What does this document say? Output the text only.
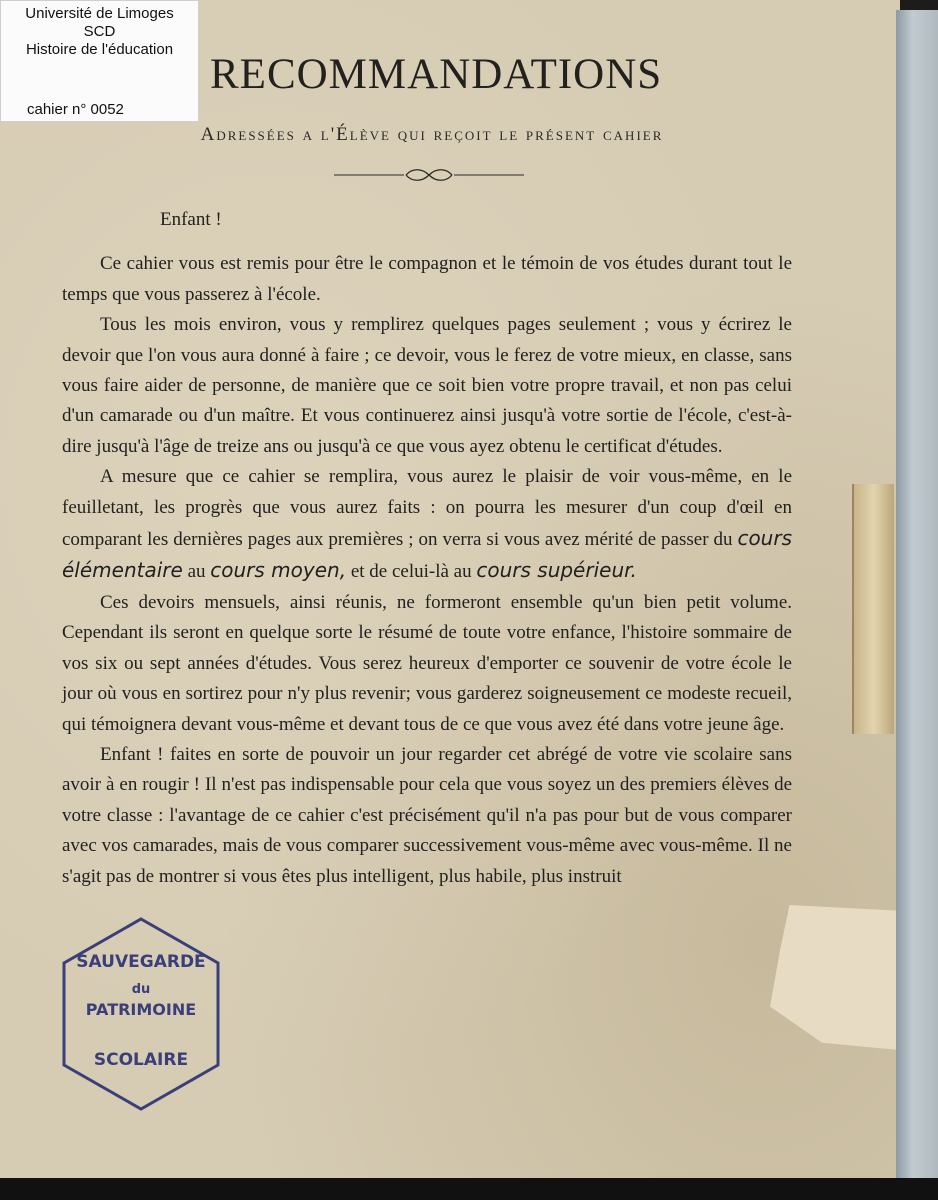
Université de Limoges
SCD
Histoire de l'éducation
cahier n° 0052
RECOMMANDATIONS
Adressées a l'Élève qui reçoit le présent cahier

Enfant !

Ce cahier vous est remis pour être le compagnon et le témoin de vos études durant tout le temps que vous passerez à l'école.

Tous les mois environ, vous y remplirez quelques pages seulement ; vous y écrirez le devoir que l'on vous aura donné à faire ; ce devoir, vous le ferez de votre mieux, en classe, sans vous faire aider de personne, de manière que ce soit bien votre propre travail, et non pas celui d'un camarade ou d'un maître. Et vous continuerez ainsi jusqu'à votre sortie de l'école, c'est-à-dire jusqu'à l'âge de treize ans ou jusqu'à ce que vous ayez obtenu le certificat d'études.

A mesure que ce cahier se remplira, vous aurez le plaisir de voir vous-même, en le feuilletant, les progrès que vous aurez faits : on pourra les mesurer d'un coup d'œil en comparant les dernières pages aux premières ; on verra si vous avez mérité de passer du cours élémentaire au cours moyen, et de celui-là au cours supérieur.

Ces devoirs mensuels, ainsi réunis, ne formeront ensemble qu'un bien petit volume. Cependant ils seront en quelque sorte le résumé de toute votre enfance, l'histoire sommaire de vos six ou sept années d'études. Vous serez heureux d'emporter ce souvenir de votre école le jour où vous en sortirez pour n'y plus revenir; vous garderez soigneusement ce modeste recueil, qui témoignera devant vous-même et devant tous de ce que vous avez été dans votre jeune âge.

Enfant ! faites en sorte de pouvoir un jour regarder cet abrégé de votre vie scolaire sans avoir à en rougir ! Il n'est pas indispensable pour cela que vous soyez un des premiers élèves de votre classe : l'avantage de ce cahier c'est précisément qu'il n'a pas pour but de vous comparer avec vos camarades, mais de vous comparer successivement vous-même avec vous-même. Il ne s'agit pas de montrer si vous êtes plus intelligent, plus habile, plus instruit

SAUVEGARDE
du
PATRIMOINE
SCOLAIRE
